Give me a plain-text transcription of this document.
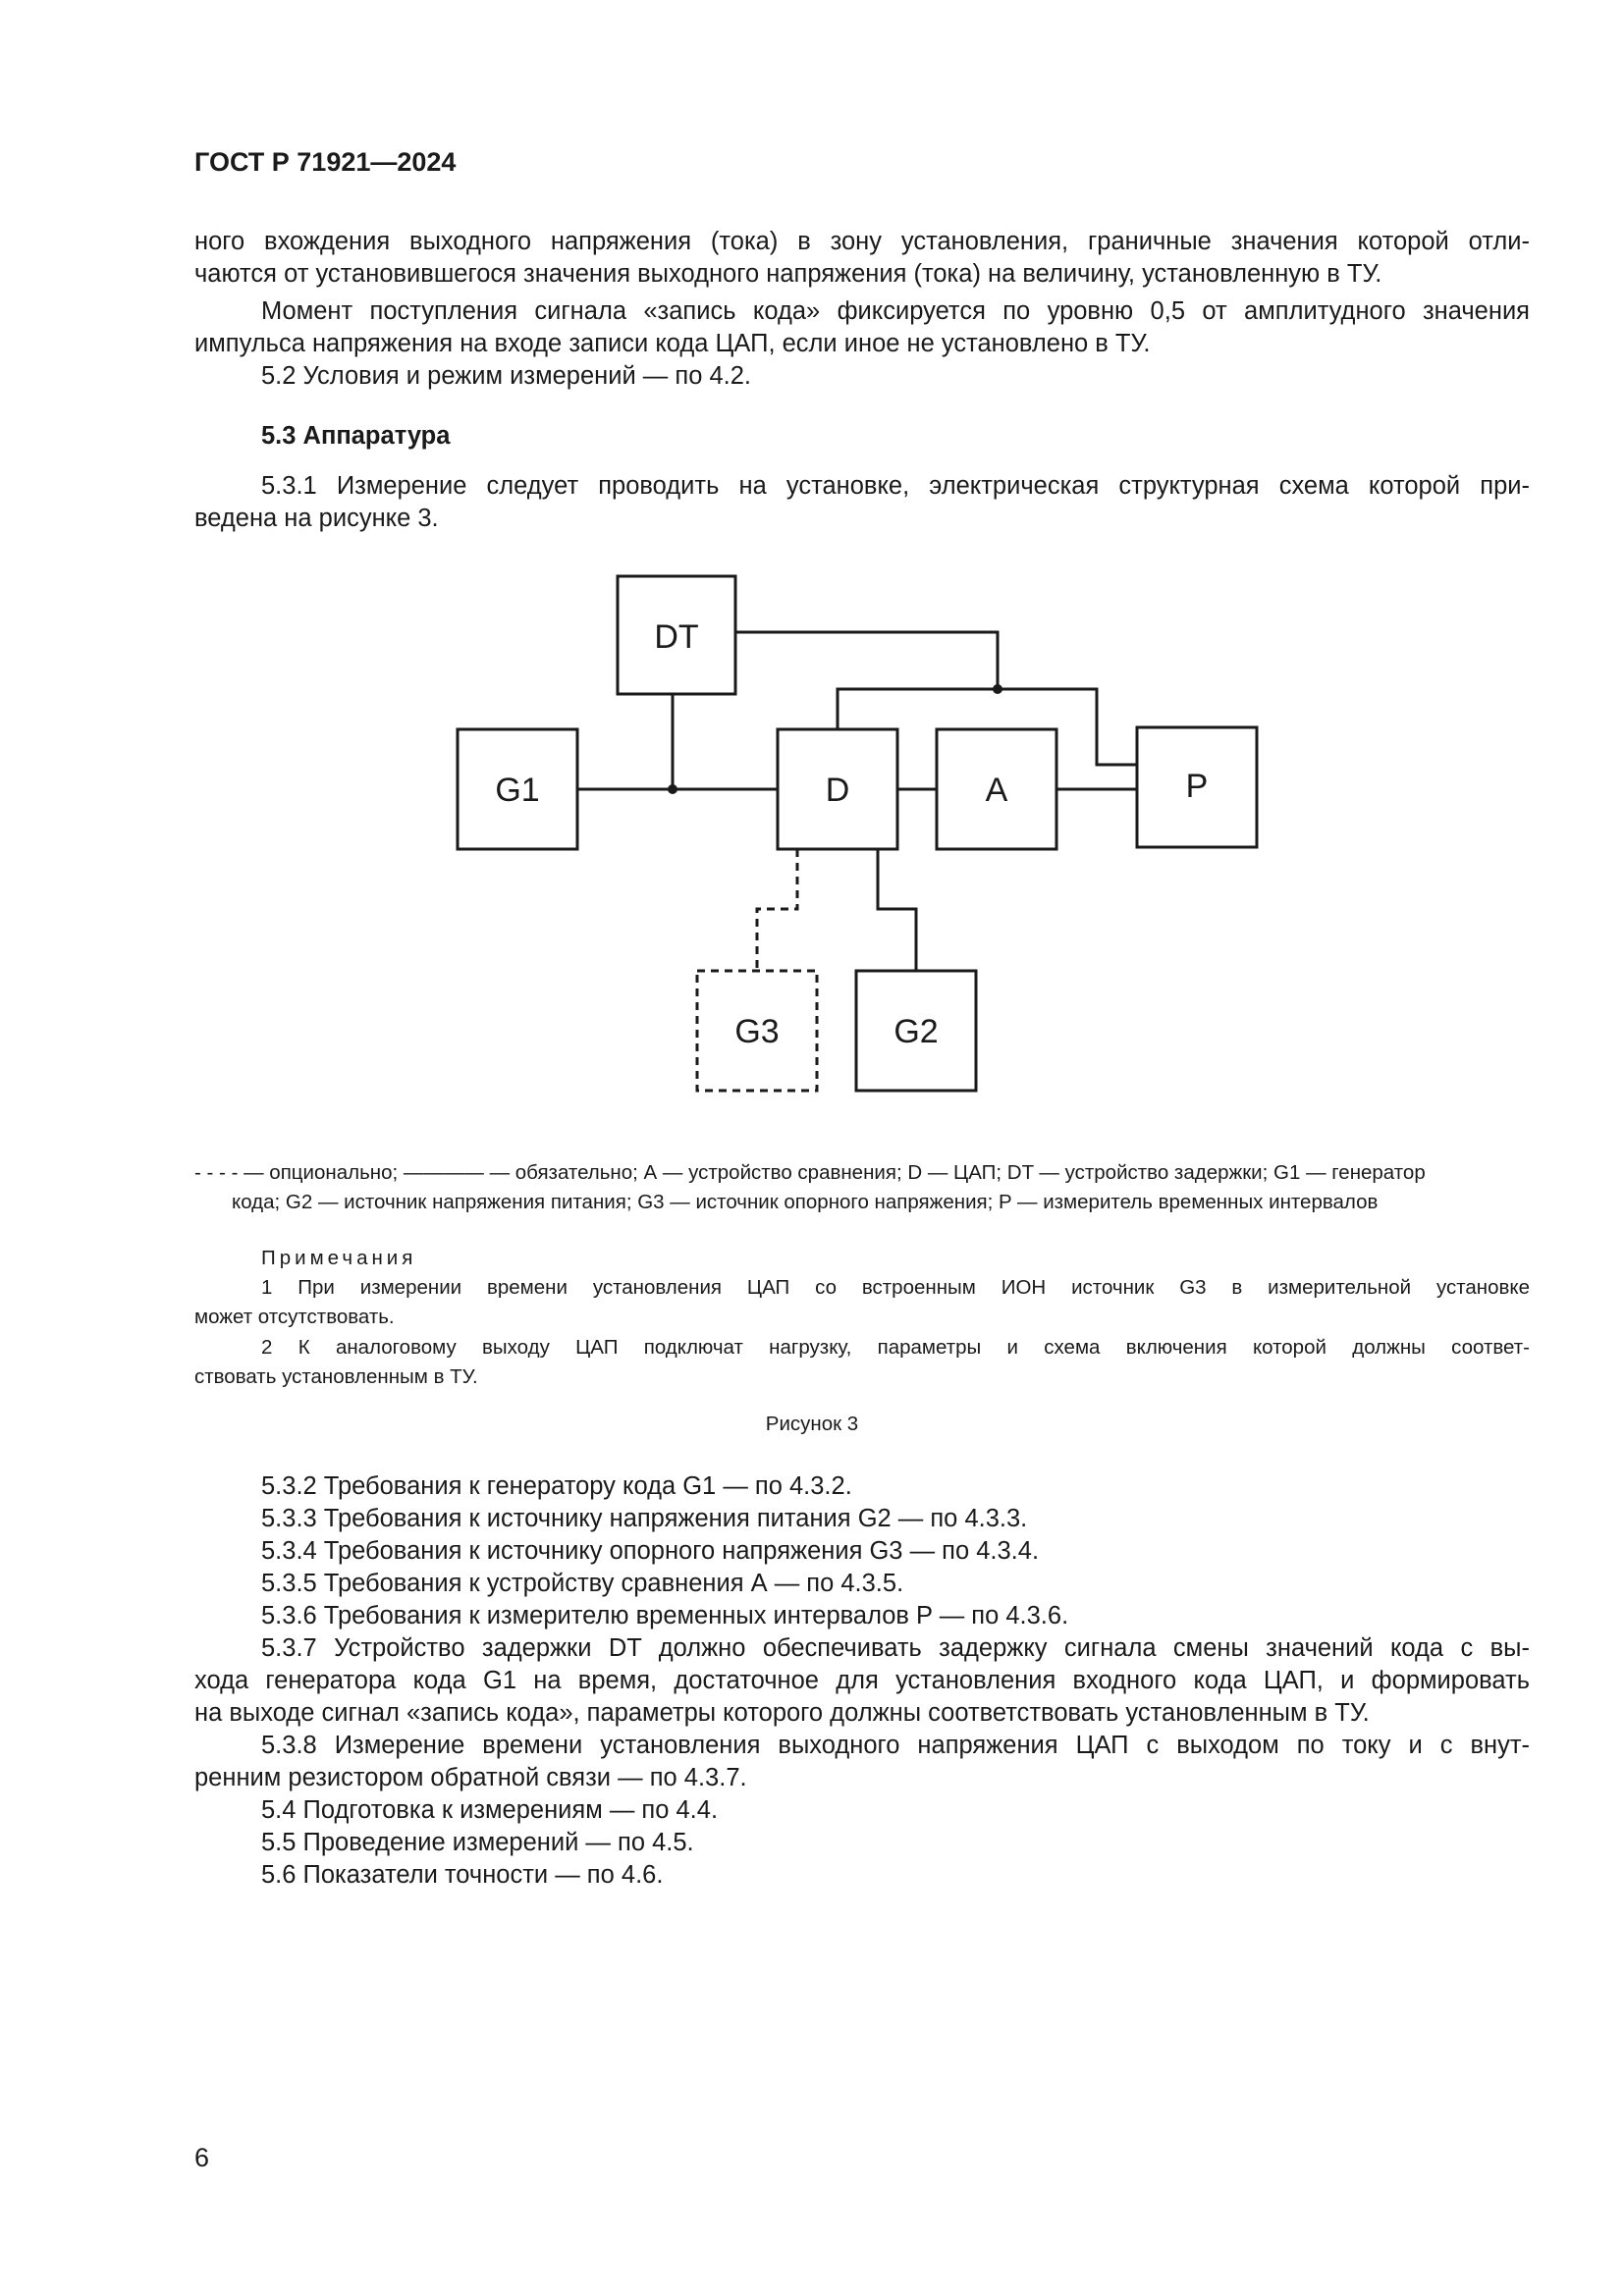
ГОСТ Р 71921—2024
ного вхождения выходного напряжения (тока) в зону установления, граничные значения которой отли-
чаются от установившегося значения выходного напряжения (тока) на величину, установленную в ТУ.
Момент поступления сигнала «запись кода» фиксируется по уровню 0,5 от амплитудного значения
импульса напряжения на входе записи кода ЦАП, если иное не установлено в ТУ.
5.2 Условия и режим измерений — по 4.2.
5.3 Аппаратура
5.3.1 Измерение следует проводить на установке, электрическая структурная схема которой при-
ведена на рисунке 3.
DT
G1	D	A	P
G3	G2
- - - - — опционально; ———— — обязательно; А — устройство сравнения; D — ЦАП; DT — устройство задержки; G1 — генератор
кода; G2 — источник напряжения питания; G3 — источник опорного напряжения; P — измеритель временных интервалов
Примечания
1 При измерении времени установления ЦАП со встроенным ИОН источник G3 в измерительной установке
может отсутствовать.
2 К аналоговому выходу ЦАП подключат нагрузку, параметры и схема включения которой должны соответ-
ствовать установленным в ТУ.
Рисунок 3
5.3.2 Требования к генератору кода G1 — по 4.3.2.
5.3.3 Требования к источнику напряжения питания G2 — по 4.3.3.
5.3.4 Требования к источнику опорного напряжения G3 — по 4.3.4.
5.3.5 Требования к устройству сравнения А — по 4.3.5.
5.3.6 Требования к измерителю временных интервалов P — по 4.3.6.
5.3.7 Устройство задержки DT должно обеспечивать задержку сигнала смены значений кода с вы-
хода генератора кода G1 на время, достаточное для установления входного кода ЦАП, и формировать
на выходе сигнал «запись кода», параметры которого должны соответствовать установленным в ТУ.
5.3.8 Измерение времени установления выходного напряжения ЦАП с выходом по току и с внут-
ренним резистором обратной связи — по 4.3.7.
5.4 Подготовка к измерениям — по 4.4.
5.5 Проведение измерений — по 4.5.
5.6 Показатели точности — по 4.6.
6
